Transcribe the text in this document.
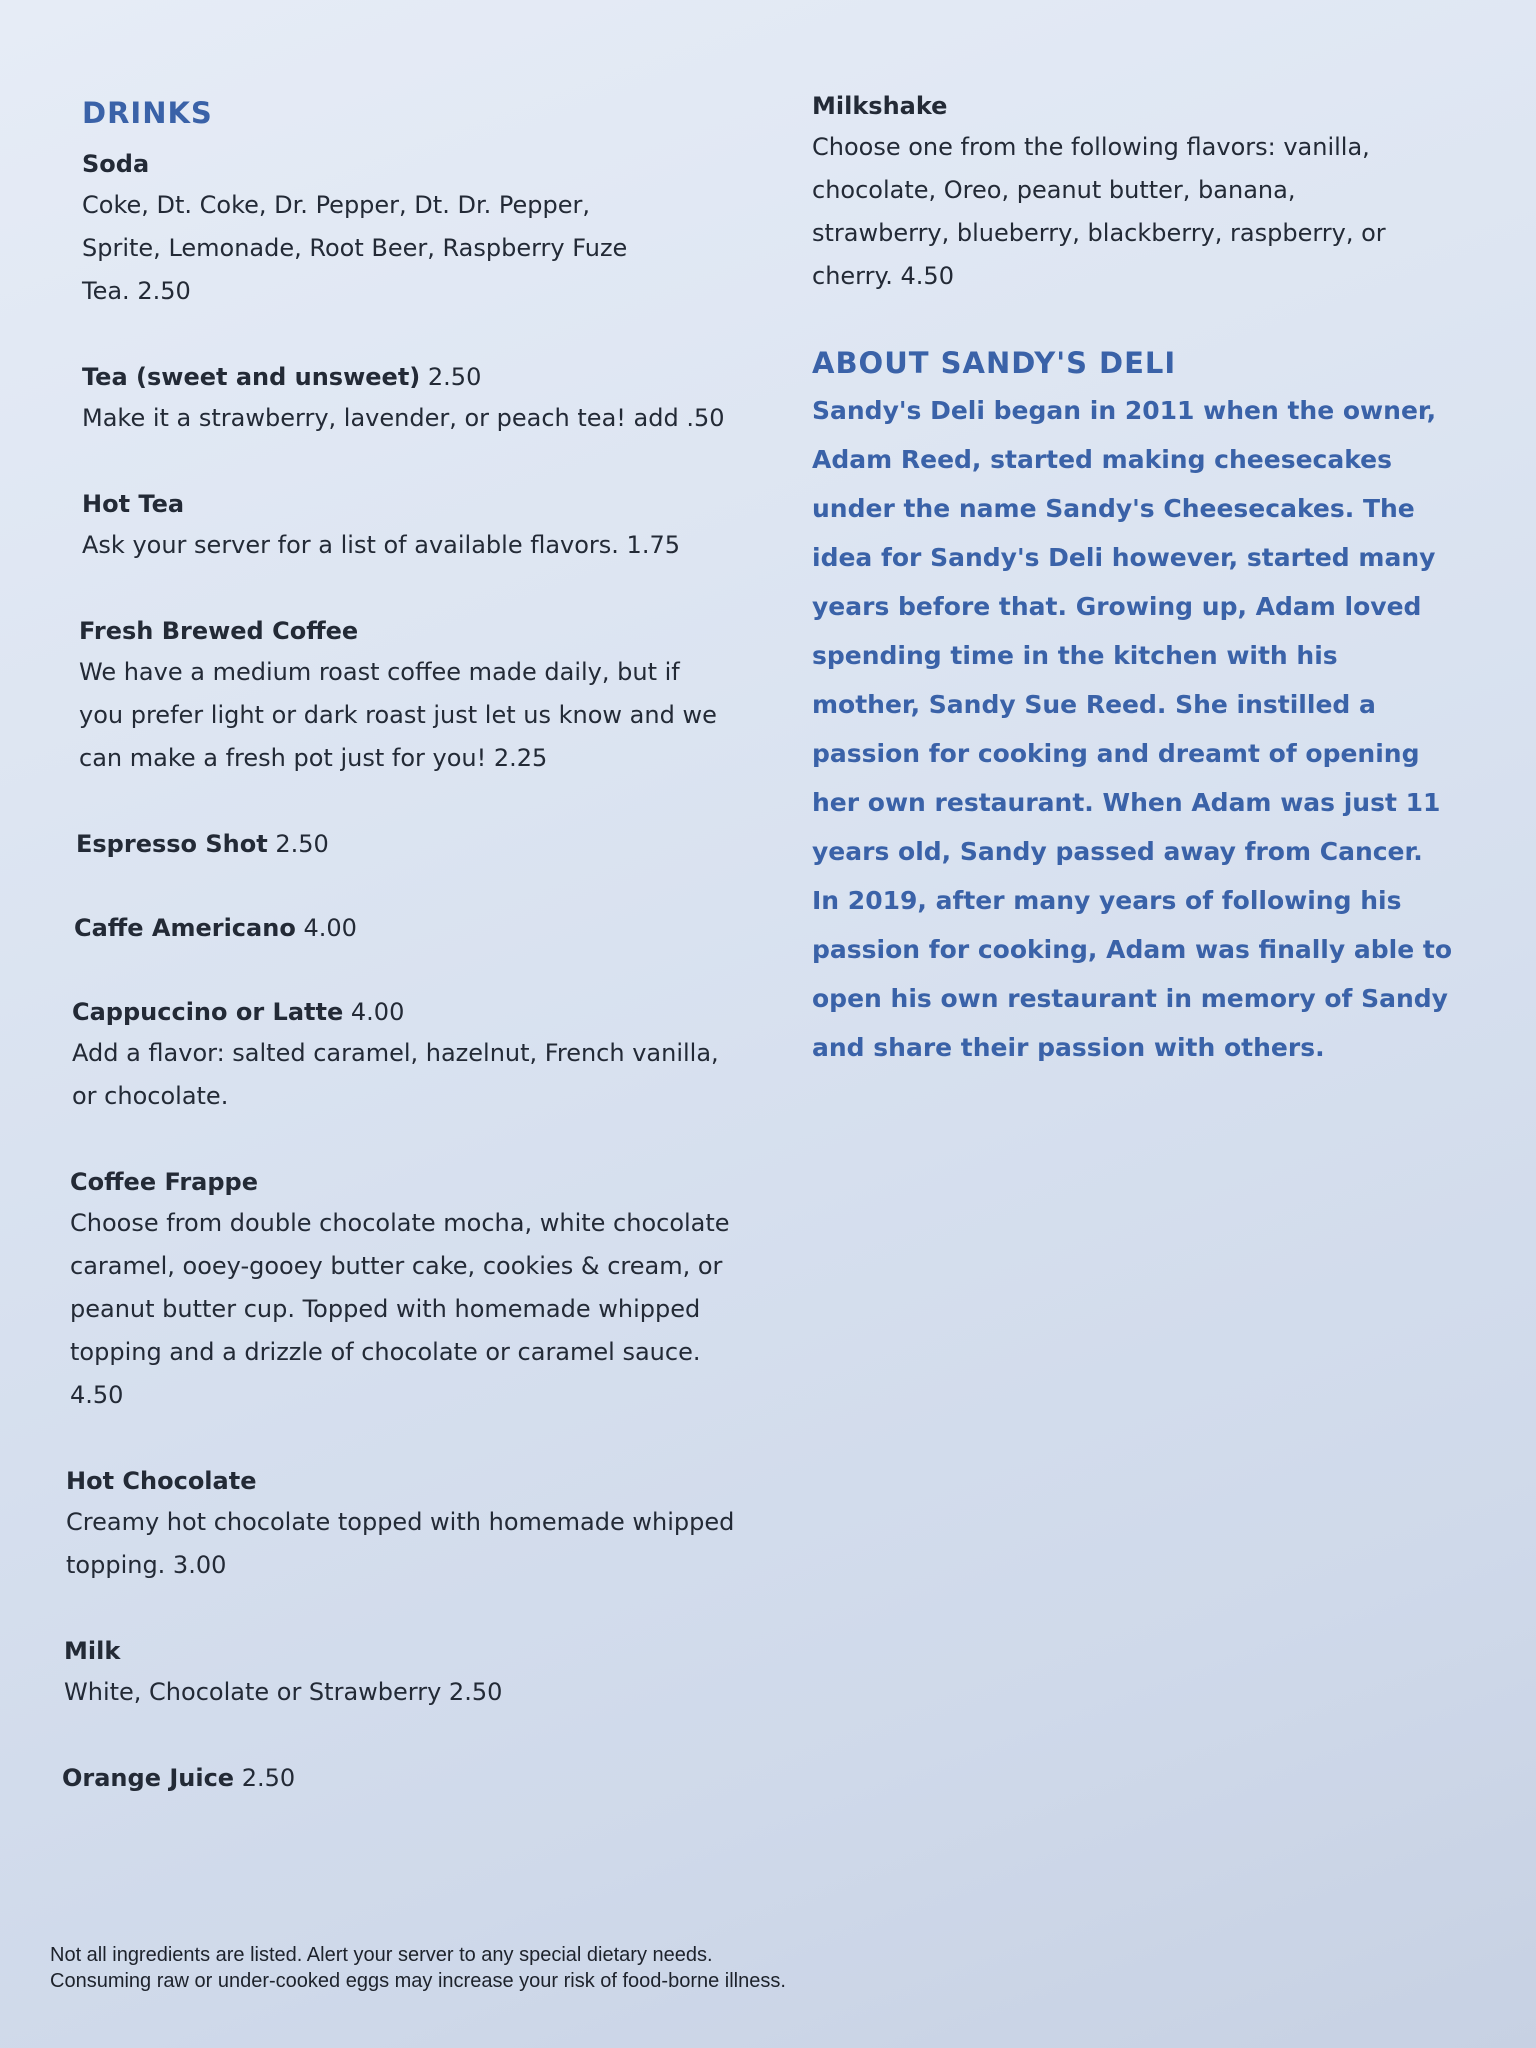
DRINKS
Soda
Coke, Dt. Coke, Dr. Pepper, Dt. Dr. Pepper, Sprite, Lemonade, Root Beer, Raspberry Fuze Tea. 2.50
Tea (sweet and unsweet) 2.50
Make it a strawberry, lavender, or peach tea! add .50
Hot Tea
Ask your server for a list of available flavors. 1.75
Fresh Brewed Coffee
We have a medium roast coffee made daily, but if you prefer light or dark roast just let us know and we can make a fresh pot just for you! 2.25
Espresso Shot 2.50
Caffe Americano 4.00
Cappuccino or Latte 4.00
Add a flavor: salted caramel, hazelnut, French vanilla, or chocolate.
Coffee Frappe
Choose from double chocolate mocha, white chocolate caramel, ooey-gooey butter cake, cookies & cream, or peanut butter cup. Topped with homemade whipped topping and a drizzle of chocolate or caramel sauce. 4.50
Hot Chocolate
Creamy hot chocolate topped with homemade whipped topping. 3.00
Milk
White, Chocolate or Strawberry 2.50
Orange Juice 2.50
Milkshake
Choose one from the following flavors: vanilla, chocolate, Oreo, peanut butter, banana, strawberry, blueberry, blackberry, raspberry, or cherry. 4.50
ABOUT SANDY'S DELI
Sandy's Deli began in 2011 when the owner, Adam Reed, started making cheesecakes under the name Sandy's Cheesecakes. The idea for Sandy's Deli however, started many years before that. Growing up, Adam loved spending time in the kitchen with his mother, Sandy Sue Reed. She instilled a passion for cooking and dreamt of opening her own restaurant. When Adam was just 11 years old, Sandy passed away from Cancer. In 2019, after many years of following his passion for cooking, Adam was finally able to open his own restaurant in memory of Sandy and share their passion with others.
Not all ingredients are listed. Alert your server to any special dietary needs.
Consuming raw or under-cooked eggs may increase your risk of food-borne illness.
